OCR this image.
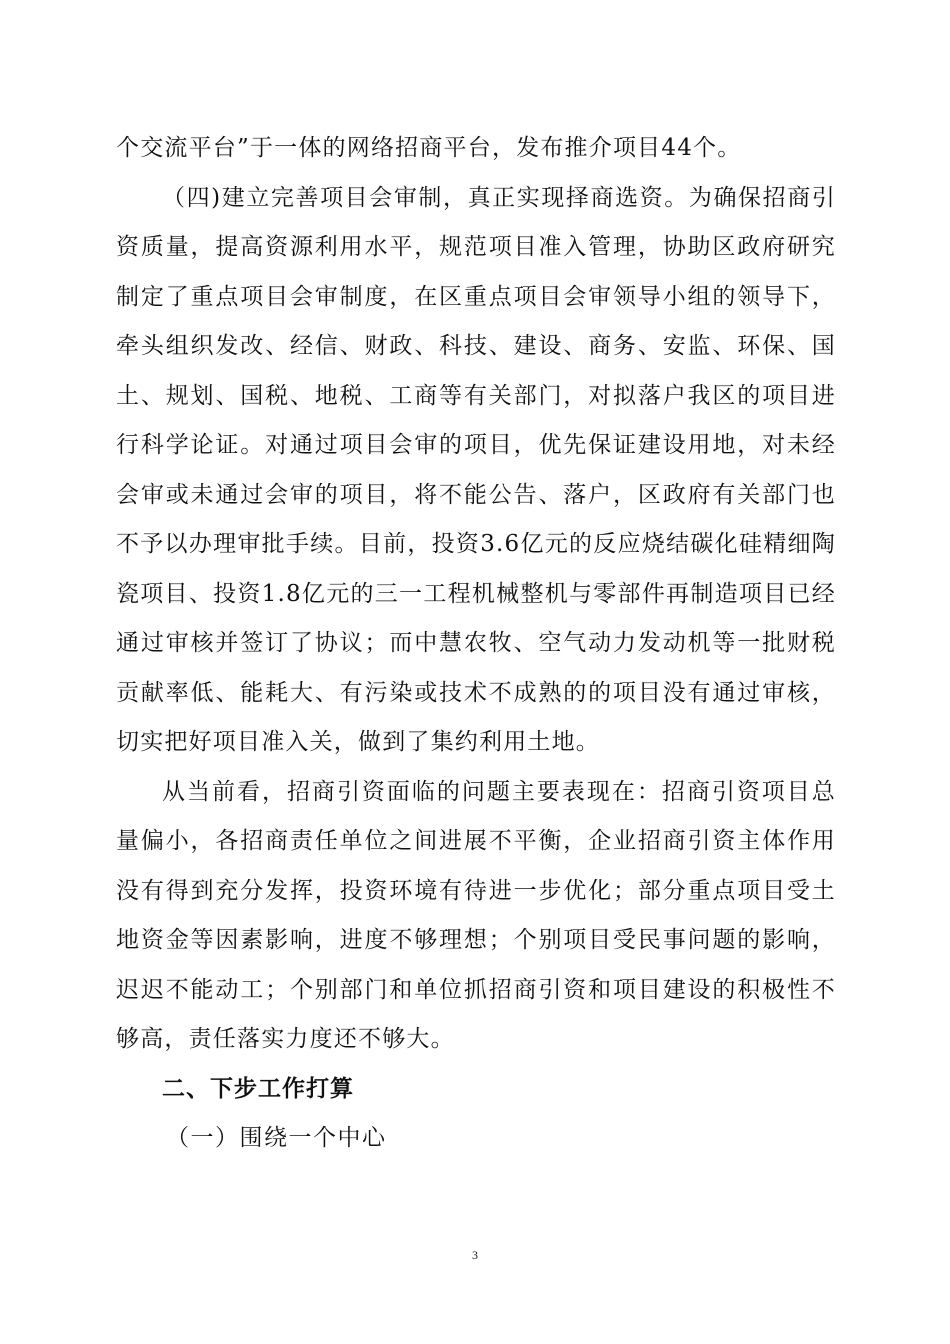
个交流平台”于一体的网络招商平台，发布推介项目44个。

（四)建立完善项目会审制，真正实现择商选资。为确保招商引资质量，提高资源利用水平，规范项目准入管理，协助区政府研究制定了重点项目会审制度，在区重点项目会审领导小组的领导下，牵头组织发改、经信、财政、科技、建设、商务、安监、环保、国土、规划、国税、地税、工商等有关部门，对拟落户我区的项目进行科学论证。对通过项目会审的项目，优先保证建设用地，对未经会审或未通过会审的项目，将不能公告、落户，区政府有关部门也不予以办理审批手续。目前，投资3.6亿元的反应烧结碳化硅精细陶瓷项目、投资1.8亿元的三一工程机械整机与零部件再制造项目已经通过审核并签订了协议；而中慧农牧、空气动力发动机等一批财税贡献率低、能耗大、有污染或技术不成熟的的项目没有通过审核，切实把好项目准入关，做到了集约利用土地。

从当前看，招商引资面临的问题主要表现在：招商引资项目总量偏小，各招商责任单位之间进展不平衡，企业招商引资主体作用没有得到充分发挥，投资环境有待进一步优化；部分重点项目受土地资金等因素影响，进度不够理想；个别项目受民事问题的影响，迟迟不能动工；个别部门和单位抓招商引资和项目建设的积极性不够高，责任落实力度还不够大。

二、下步工作打算

（一）围绕一个中心

3
